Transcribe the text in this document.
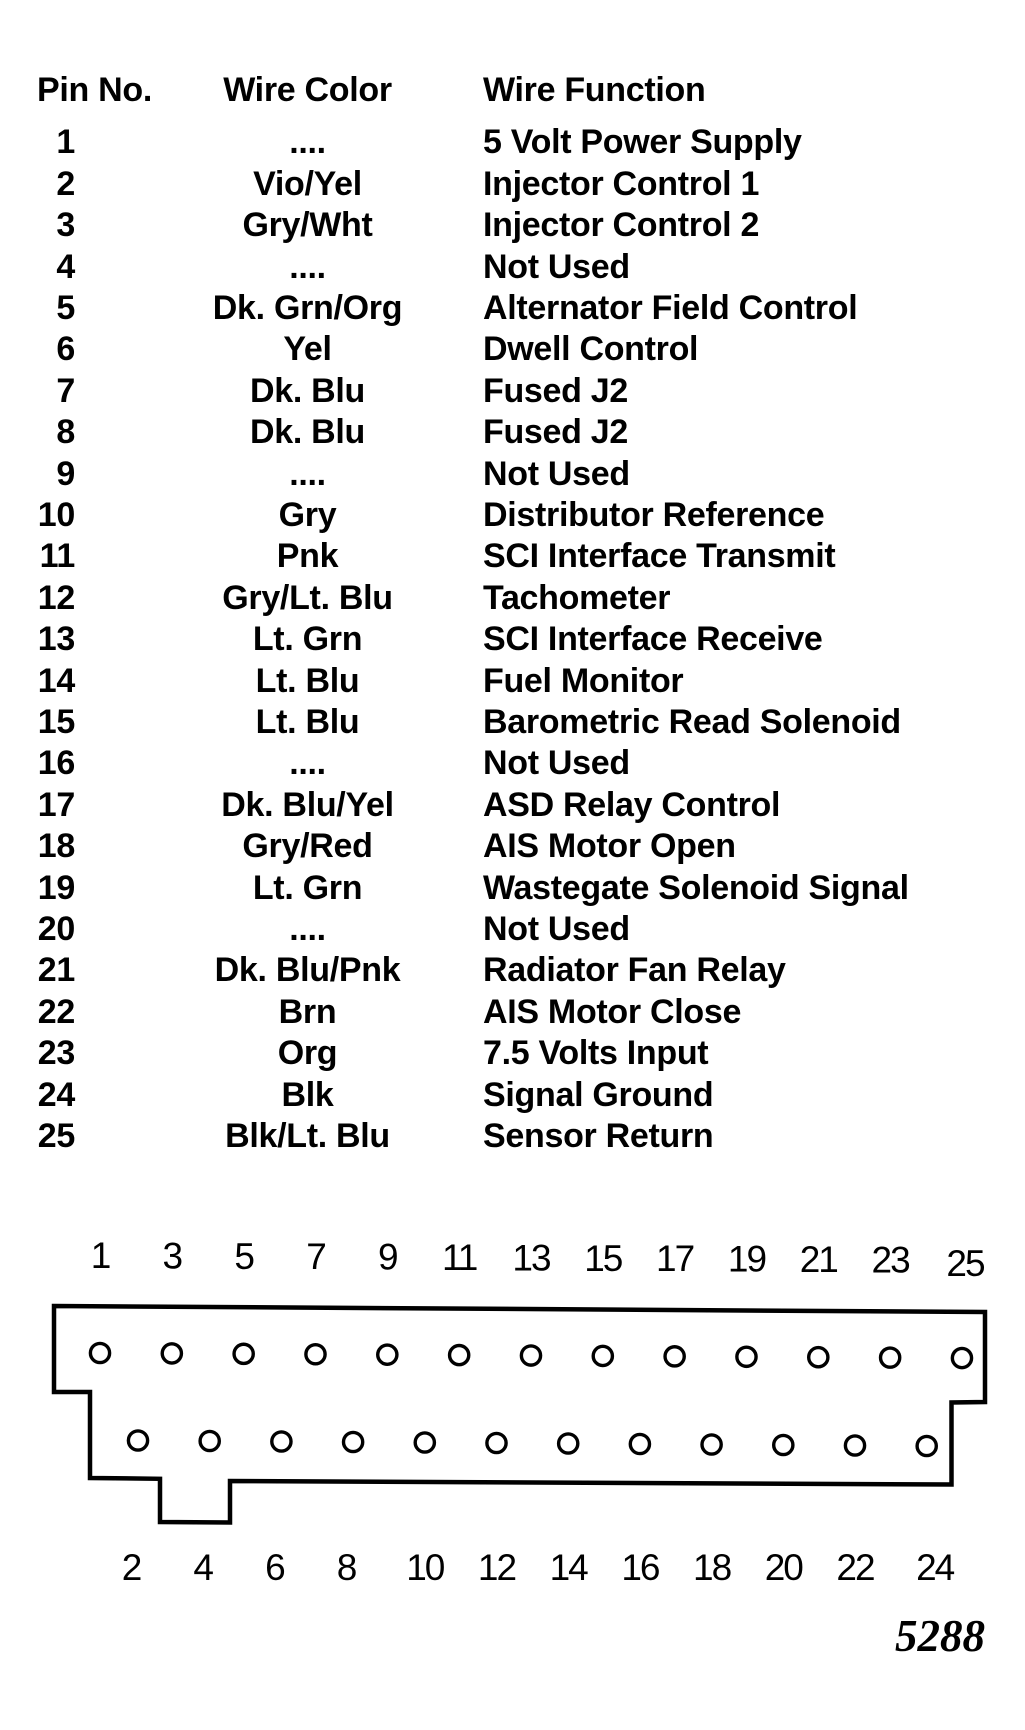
Pin No.	Wire Color	Wire Function
1	....	5 Volt Power Supply
2	Vio/Yel	Injector Control 1
3	Gry/Wht	Injector Control 2
4	....	Not Used
5	Dk. Grn/Org	Alternator Field Control
6	Yel	Dwell Control
7	Dk. Blu	Fused J2
8	Dk. Blu	Fused J2
9	....	Not Used
10	Gry	Distributor Reference
11	Pnk	SCI Interface Transmit
12	Gry/Lt. Blu	Tachometer
13	Lt. Grn	SCI Interface Receive
14	Lt. Blu	Fuel Monitor
15	Lt. Blu	Barometric Read Solenoid
16	....	Not Used
17	Dk. Blu/Yel	ASD Relay Control
18	Gry/Red	AIS Motor Open
19	Lt. Grn	Wastegate Solenoid Signal
20	....	Not Used
21	Dk. Blu/Pnk	Radiator Fan Relay
22	Brn	AIS Motor Close
23	Org	7.5 Volts Input
24	Blk	Signal Ground
25	Blk/Lt. Blu	Sensor Return
1 3 5 7 9 11 13 15 17 19 21 23 25
2 4 6 8 10 12 14 16 18 20 22 24
5288
